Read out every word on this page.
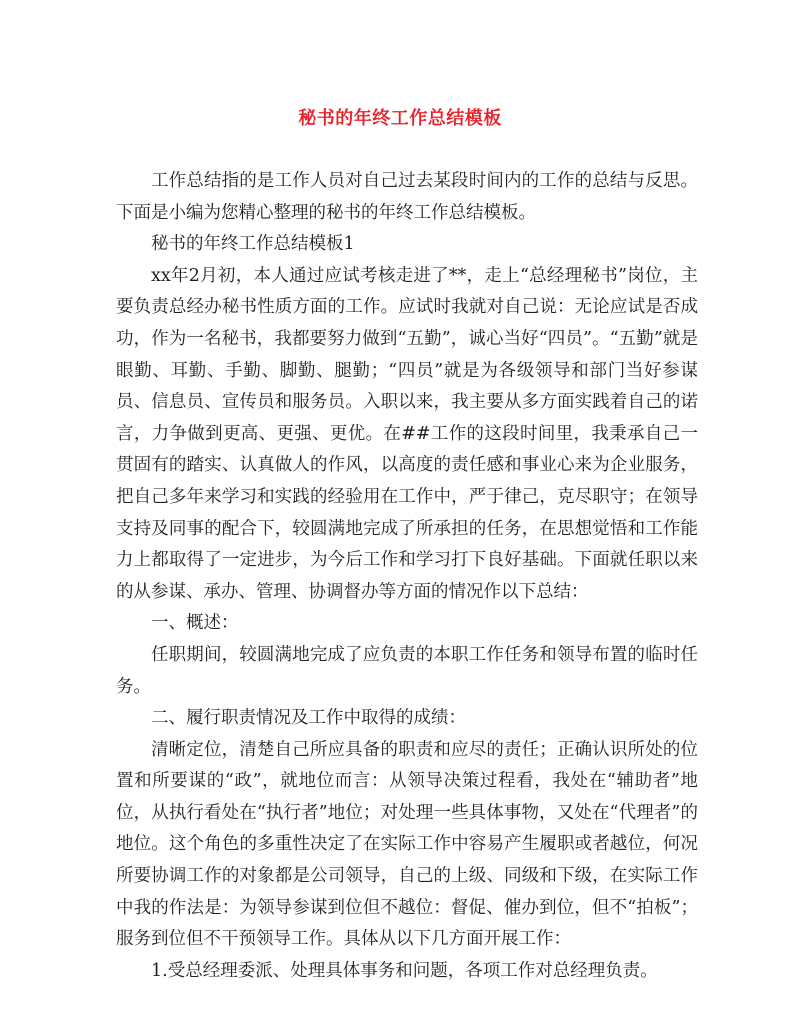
秘书的年终工作总结模板

工作总结指的是工作人员对自己过去某段时间内的工作的总结与反思。下面是小编为您精心整理的秘书的年终工作总结模板。

秘书的年终工作总结模板1

xx年2月初，本人通过应试考核走进了**，走上“总经理秘书”岗位，主要负责总经办秘书性质方面的工作。应试时我就对自己说：无论应试是否成功，作为一名秘书，我都要努力做到“五勤”，诚心当好“四员”。“五勤”就是眼勤、耳勤、手勤、脚勤、腿勤；“四员”就是为各级领导和部门当好参谋员、信息员、宣传员和服务员。入职以来，我主要从多方面实践着自己的诺言，力争做到更高、更强、更优。在##工作的这段时间里，我秉承自己一贯固有的踏实、认真做人的作风，以高度的责任感和事业心来为企业服务，把自己多年来学习和实践的经验用在工作中，严于律己，克尽职守；在领导支持及同事的配合下，较圆满地完成了所承担的任务，在思想觉悟和工作能力上都取得了一定进步，为今后工作和学习打下良好基础。下面就任职以来的从参谋、承办、管理、协调督办等方面的情况作以下总结：

一、概述：

任职期间，较圆满地完成了应负责的本职工作任务和领导布置的临时任务。

二、履行职责情况及工作中取得的成绩：

清晰定位，清楚自己所应具备的职责和应尽的责任；正确认识所处的位置和所要谋的“政”，就地位而言：从领导决策过程看，我处在“辅助者”地位，从执行看处在“执行者”地位；对处理一些具体事物，又处在“代理者”的地位。这个角色的多重性决定了在实际工作中容易产生履职或者越位，何况所要协调工作的对象都是公司领导，自己的上级、同级和下级，在实际工作中我的作法是：为领导参谋到位但不越位：督促、催办到位，但不“拍板”；服务到位但不干预领导工作。具体从以下几方面开展工作：

1.受总经理委派、处理具体事务和问题，各项工作对总经理负责。
